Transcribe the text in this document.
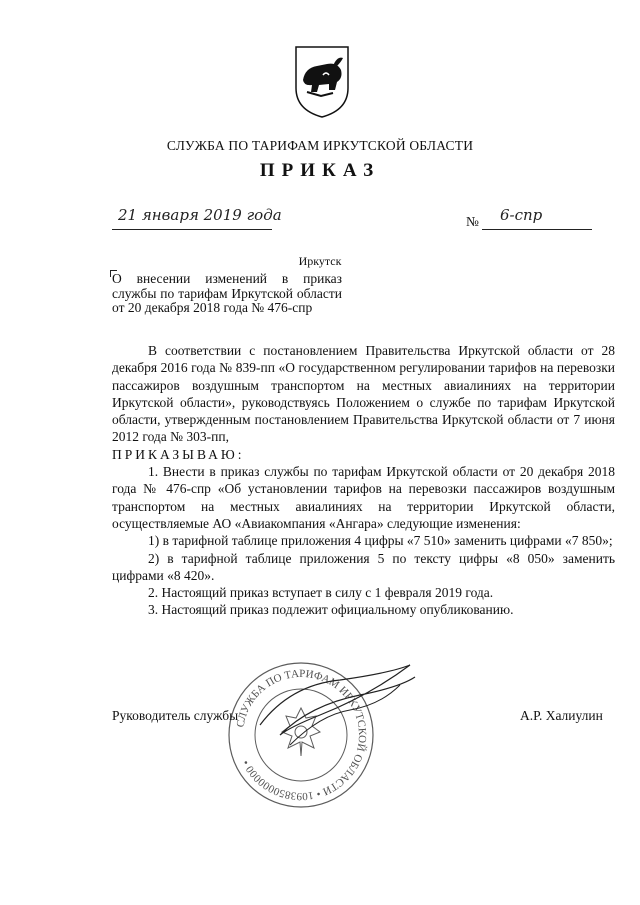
СЛУЖБА ПО ТАРИФАМ ИРКУТСКОЙ ОБЛАСТИ
ПРИКАЗ
21 января 2019 года	№ 6-спр
Иркутск
О внесении изменений в приказ службы по тарифам Иркутской области от 20 декабря 2018 года № 476-спр

В соответствии с постановлением Правительства Иркутской области от 28 декабря 2016 года № 839-пп «О государственном регулировании тарифов на перевозки пассажиров воздушным транспортом на местных авиалиниях на территории Иркутской области», руководствуясь Положением о службе по тарифам Иркутской области, утвержденным постановлением Правительства Иркутской области от 7 июня 2012 года № 303-пп,

ПРИКАЗЫВАЮ:

1. Внести в приказ службы по тарифам Иркутской области от 20 декабря 2018 года № 476-спр «Об установлении тарифов на перевозки пассажиров воздушным транспортом на местных авиалиниях на территории Иркутской области, осуществляемые АО «Авиакомпания «Ангара» следующие изменения:

1) в тарифной таблице приложения 4 цифры «7 510» заменить цифрами «7 850»;

2) в тарифной таблице приложения 5 по тексту цифры «8 050» заменить цифрами «8 420».

2. Настоящий приказ вступает в силу с 1 февраля 2019 года.

3. Настоящий приказ подлежит официальному опубликованию.

СЛУЖБА ПО ТАРИФАМ ИРКУТСКОЙ ОБЛАСТИ • 1093850000000 •
Руководитель службы	А.Р. Халиулин
